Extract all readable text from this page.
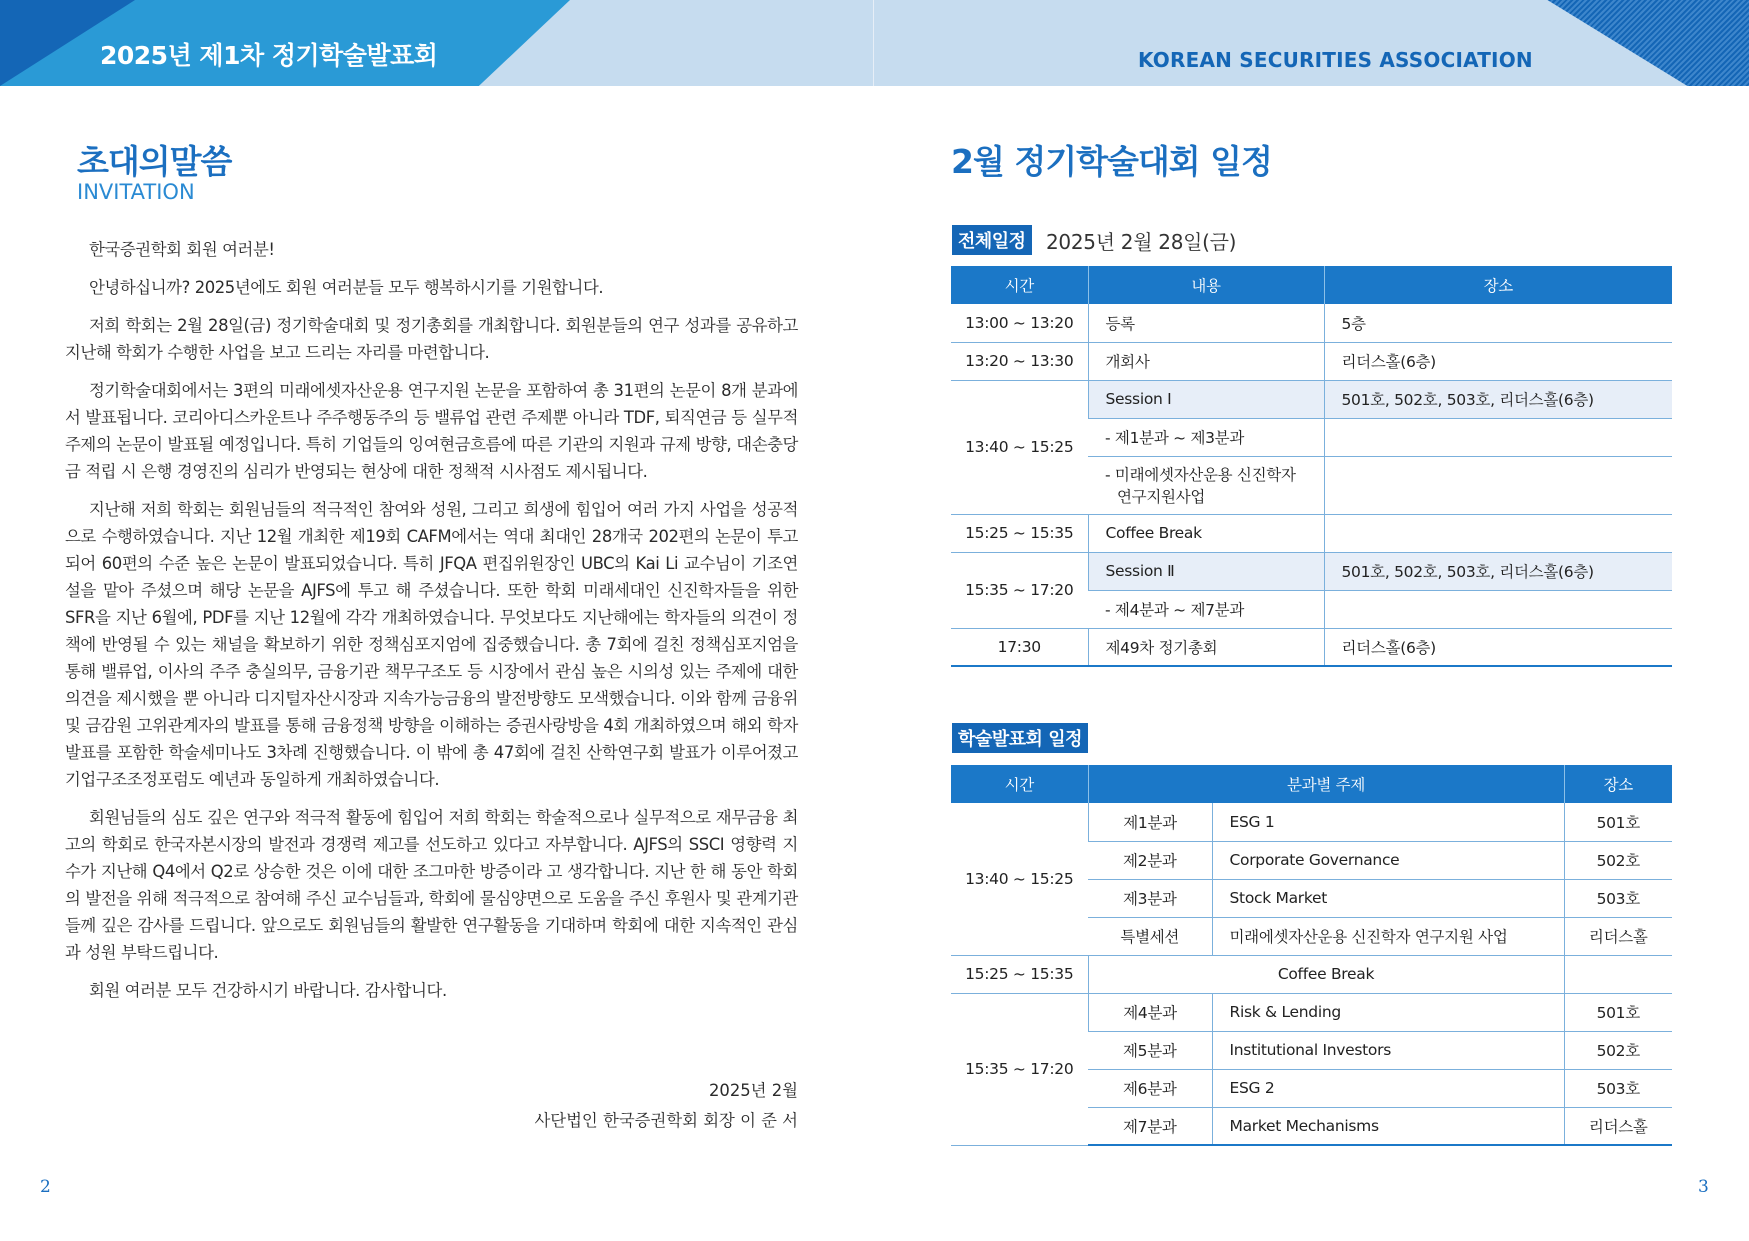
2025년 제1차 정기학술발표회	KOREAN SECURITIES ASSOCIATION
초대의말씀
INVITATION

한국증권학회 회원 여러분!

안녕하십니까? 2025년에도 회원 여러분들 모두 행복하시기를 기원합니다.

저희 학회는 2월 28일(금) 정기학술대회 및 정기총회를 개최합니다. 회원분들의 연구 성과를 공유하고 지난해 학회가 수행한 사업을 보고 드리는 자리를 마련합니다.

정기학술대회에서는 3편의 미래에셋자산운용 연구지원 논문을 포함하여 총 31편의 논문이 8개 분과에서 발표됩니다. 코리아디스카운트나 주주행동주의 등 밸류업 관련 주제뿐 아니라 TDF, 퇴직연금 등 실무적 주제의 논문이 발표될 예정입니다. 특히 기업들의 잉여현금흐름에 따른 기관의 지원과 규제 방향, 대손충당금 적립 시 은행 경영진의 심리가 반영되는 현상에 대한 정책적 시사점도 제시됩니다.

지난해 저희 학회는 회원님들의 적극적인 참여와 성원, 그리고 희생에 힘입어 여러 가지 사업을 성공적으로 수행하였습니다. 지난 12월 개최한 제19회 CAFM에서는 역대 최대인 28개국 202편의 논문이 투고되어 60편의 수준 높은 논문이 발표되었습니다. 특히 JFQA 편집위원장인 UBC의 Kai Li 교수님이 기조연설을 맡아 주셨으며 해당 논문을 AJFS에 투고 해 주셨습니다. 또한 학회 미래세대인 신진학자들을 위한 SFR을 지난 6월에, PDF를 지난 12월에 각각 개최하였습니다. 무엇보다도 지난해에는 학자들의 의견이 정책에 반영될 수 있는 채널을 확보하기 위한 정책심포지엄에 집중했습니다. 총 7회에 걸친 정책심포지엄을 통해 밸류업, 이사의 주주 충실의무, 금융기관 책무구조도 등 시장에서 관심 높은 시의성 있는 주제에 대한 의견을 제시했을 뿐 아니라 디지털자산시장과 지속가능금융의 발전방향도 모색했습니다. 이와 함께 금융위 및 금감원 고위관계자의 발표를 통해 금융정책 방향을 이해하는 증권사랑방을 4회 개최하였으며 해외 학자 발표를 포함한 학술세미나도 3차례 진행했습니다. 이 밖에 총 47회에 걸친 산학연구회 발표가 이루어졌고 기업구조조정포럼도 예년과 동일하게 개최하였습니다.

회원님들의 심도 깊은 연구와 적극적 활동에 힘입어 저희 학회는 학술적으로나 실무적으로 재무금융 최고의 학회로 한국자본시장의 발전과 경쟁력 제고를 선도하고 있다고 자부합니다. AJFS의 SSCI 영향력 지수가 지난해 Q4에서 Q2로 상승한 것은 이에 대한 조그마한 방증이라 고 생각합니다. 지난 한 해 동안 학회의 발전을 위해 적극적으로 참여해 주신 교수님들과, 학회에 물심양면으로 도움을 주신 후원사 및 관계기관들께 깊은 감사를 드립니다. 앞으로도 회원님들의 활발한 연구활동을 기대하며 학회에 대한 지속적인 관심과 성원 부탁드립니다.

회원 여러분 모두 건강하시기 바랍니다. 감사합니다.

2025년 2월
사단법인 한국증권학회 회장 이 준 서
2	3
2월 정기학술대회 일정
전체일정	2025년 2월 28일(금)
시간	내용	장소
13:00 ~ 13:20	등록	5층
13:20 ~ 13:30	개회사	리더스홀(6층)
13:40 ~ 15:25	Session Ⅰ	501호, 502호, 503호, 리더스홀(6층)
	- 제1분과 ~ 제3분과	
	- 미래에셋자산운용 신진학자
연구지원사업	

15:25 ~ 15:35	Coffee Break	
15:35 ~ 17:20	Session Ⅱ	501호, 502호, 503호, 리더스홀(6층)
	- 제4분과 ~ 제7분과	
17:30	제49차 정기총회	리더스홀(6층)
학술발표회 일정
시간	분과별 주제		장소
13:40 ~ 15:25	제1분과	ESG 1	501호
	제2분과	Corporate Governance	502호
	제3분과	Stock Market	503호
	특별세션	미래에셋자산운용 신진학자 연구지원 사업	리더스홀
15:25 ~ 15:35	Coffee Break		
15:35 ~ 17:20	제4분과	Risk & Lending	501호
	제5분과	Institutional Investors	502호
	제6분과	ESG 2	503호
	제7분과	Market Mechanisms	리더스홀
